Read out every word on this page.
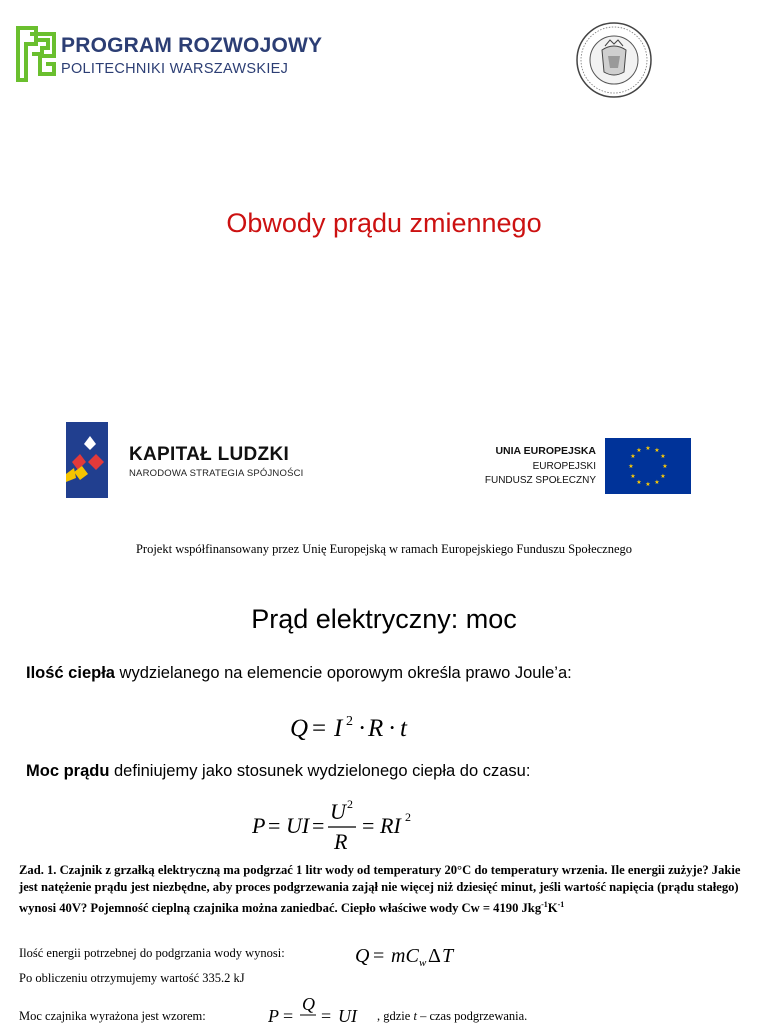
PROGRAM ROZWOJOWY
POLITECHNIKI WARSZAWSKIEJ
Obwody prądu zmiennego
KAPITAŁ LUDZKI
NARODOWA STRATEGIA SPÓJNOŚCI
UNIA EUROPEJSKA
EUROPEJSKI
FUNDUSZ SPOŁECZNY
★ ★
★
★
★
★
★
★
★
★
★
★
Projekt współfinansowany przez Unię Europejską w ramach Europejskiego Funduszu Społecznego
Prąd elektryczny: moc
Ilość ciepła wydzielanego na elemencie oporowym określa prawo Joule’a:
Q = I 2 · R · t
Moc prądu definiujemy jako stosunek wydzielonego ciepła do czasu:
P = UI =
U 2
R
= RI 2
Zad. 1. Czajnik z grzałką elektryczną ma podgrzać 1 litr wody od temperatury 20°C do temperatury wrzenia. Ile energii zużyje? Jakie jest natężenie prądu jest niezbędne, aby proces podgrzewania zajął nie więcej niż dziesięć minut, jeśli wartość napięcia (prądu stałego) wynosi 40V? Pojemność cieplną czajnika można zaniedbać. Ciepło właściwe wody Cw = 4190 $Jkg^{-1}K^{-1}$
Ilość energii potrzebnej do podgrzania wody wynosi:	Q = mC w Δ T
Po obliczeniu otrzymujemy wartość 335.2 kJ
Moc czajnika wyrażona jest wzorem:	P =
Q
= UI , gdzie t – czas podgrzewania.
